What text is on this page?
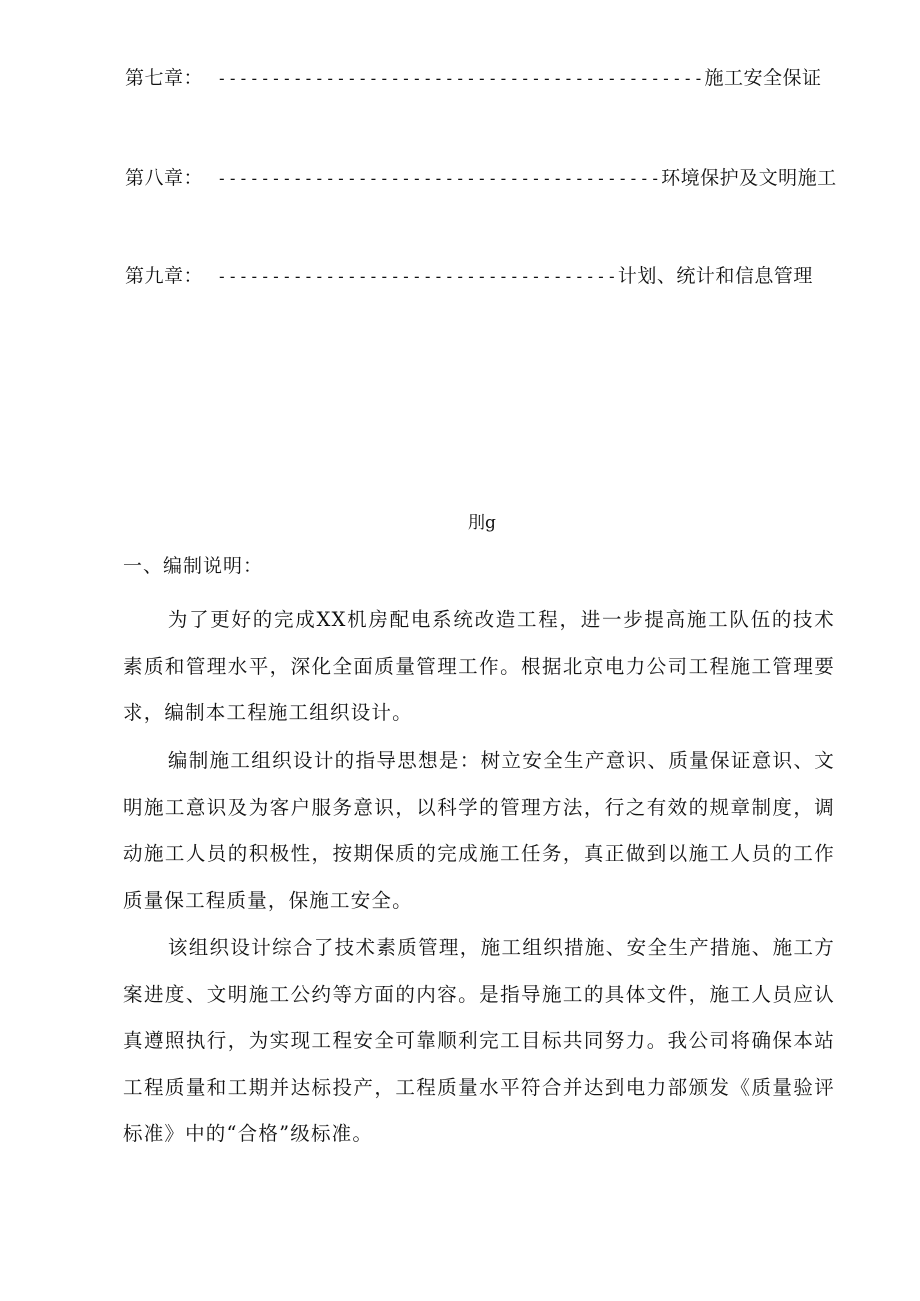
第七章： ---------------------------------------------施工安全保证
第八章： -----------------------------------------环境保护及文明施工
第九章： -------------------------------------计划、统计和信息管理
刖g
一、编制说明：

为了更好的完成XX机房配电系统改造工程，进一步提高施工队伍的技术素质和管理水平，深化全面质量管理工作。根据北京电力公司工程施工管理要求，编制本工程施工组织设计。

编制施工组织设计的指导思想是：树立安全生产意识、质量保证意识、文明施工意识及为客户服务意识，以科学的管理方法，行之有效的规章制度，调动施工人员的积极性，按期保质的完成施工任务，真正做到以施工人员的工作质量保工程质量，保施工安全。

该组织设计综合了技术素质管理，施工组织措施、安全生产措施、施工方案进度、文明施工公约等方面的内容。是指导施工的具体文件，施工人员应认真遵照执行，为实现工程安全可靠顺利完工目标共同努力。我公司将确保本站工程质量和工期并达标投产，工程质量水平符合并达到电力部颁发《质量验评标准》中的“合格”级标准。
